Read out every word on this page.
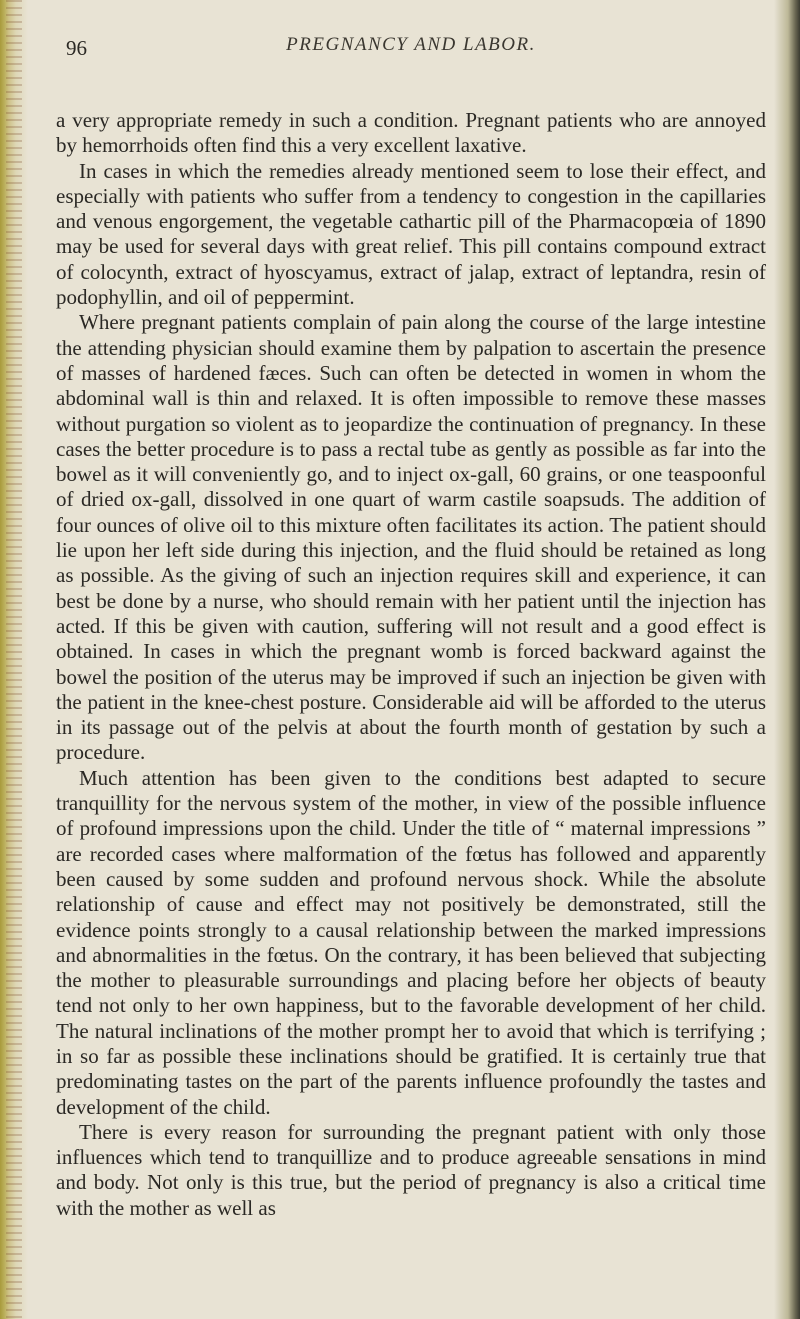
96	PREGNANCY AND LABOR.

a very appropriate remedy in such a condition. Pregnant patients who are annoyed by hemorrhoids often find this a very excellent laxative.

In cases in which the remedies already mentioned seem to lose their effect, and especially with patients who suffer from a tendency to congestion in the capillaries and venous engorgement, the vegetable cathartic pill of the Pharmacopœia of 1890 may be used for several days with great relief. This pill contains compound extract of colocynth, extract of hyoscyamus, extract of jalap, extract of leptandra, resin of podophyllin, and oil of peppermint.

Where pregnant patients complain of pain along the course of the large intestine the attending physician should examine them by palpation to ascertain the presence of masses of hardened fæces. Such can often be detected in women in whom the abdominal wall is thin and relaxed. It is often impossible to remove these masses without purgation so violent as to jeopardize the continuation of pregnancy. In these cases the better procedure is to pass a rectal tube as gently as possible as far into the bowel as it will conveniently go, and to inject ox-gall, 60 grains, or one teaspoonful of dried ox-gall, dissolved in one quart of warm castile soapsuds. The addition of four ounces of olive oil to this mixture often facilitates its action. The patient should lie upon her left side during this injection, and the fluid should be retained as long as possible. As the giving of such an injection requires skill and experience, it can best be done by a nurse, who should remain with her patient until the injection has acted. If this be given with caution, suffering will not result and a good effect is obtained. In cases in which the pregnant womb is forced backward against the bowel the position of the uterus may be improved if such an injection be given with the patient in the knee-chest posture. Considerable aid will be afforded to the uterus in its passage out of the pelvis at about the fourth month of gestation by such a procedure.

Much attention has been given to the conditions best adapted to secure tranquillity for the nervous system of the mother, in view of the possible influence of profound impressions upon the child. Under the title of “ maternal impressions ” are recorded cases where malformation of the fœtus has followed and apparently been caused by some sudden and profound nervous shock. While the absolute relationship of cause and effect may not positively be demonstrated, still the evidence points strongly to a causal relationship between the marked impressions and abnormalities in the fœtus. On the contrary, it has been believed that subjecting the mother to pleasurable surroundings and placing before her objects of beauty tend not only to her own happiness, but to the favorable development of her child. The natural inclinations of the mother prompt her to avoid that which is terrifying ; in so far as possible these inclinations should be gratified. It is certainly true that predominating tastes on the part of the parents influence profoundly the tastes and development of the child.

There is every reason for surrounding the pregnant patient with only those influences which tend to tranquillize and to produce agreeable sensations in mind and body. Not only is this true, but the period of pregnancy is also a critical time with the mother as well as
